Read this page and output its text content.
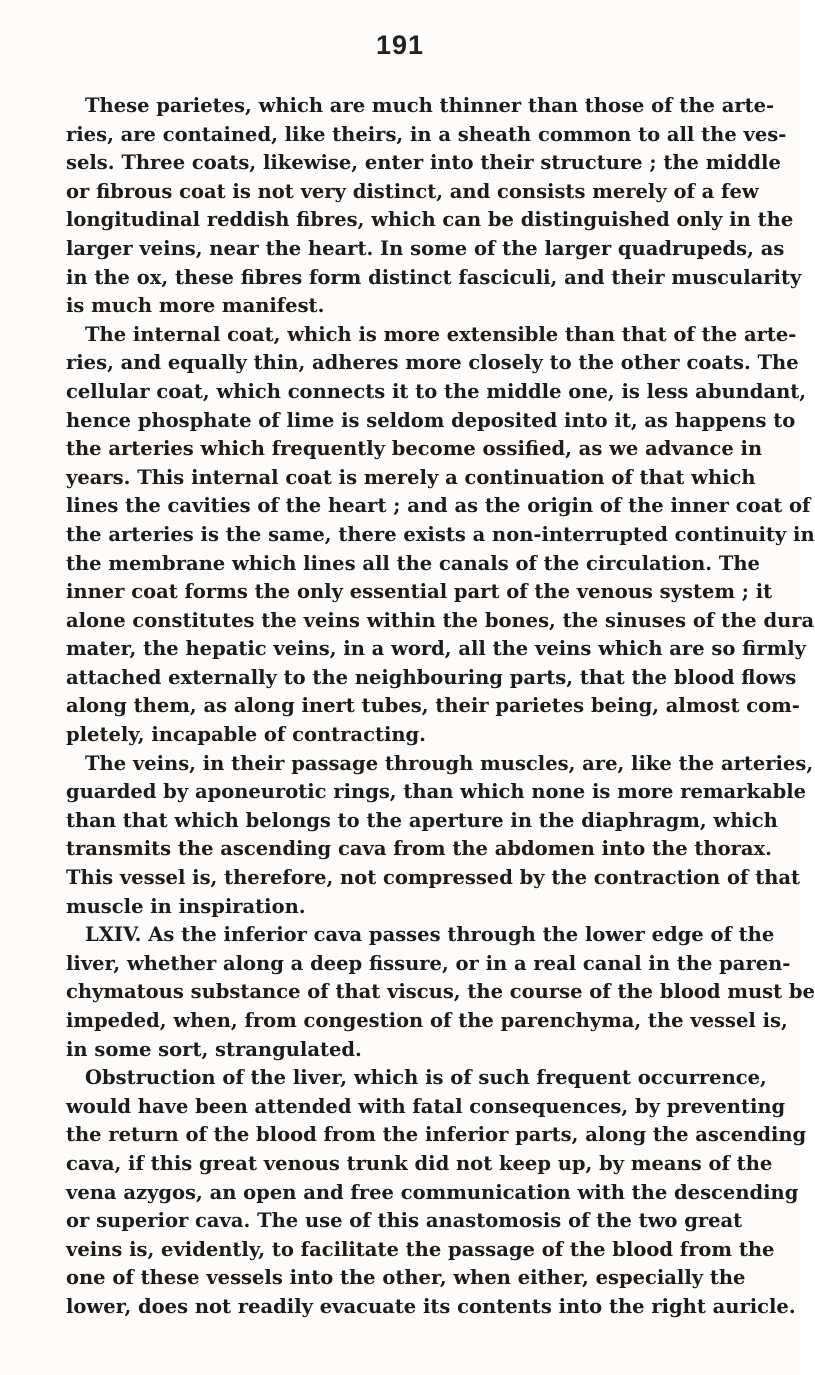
191
These parietes, which are much thinner than those of the arte-
ries, are contained, like theirs, in a sheath common to all the ves-
sels. Three coats, likewise, enter into their structure ; the middle
or fibrous coat is not very distinct, and consists merely of a few
longitudinal reddish fibres, which can be distinguished only in the
larger veins, near the heart. In some of the larger quadrupeds, as
in the ox, these fibres form distinct fasciculi, and their muscularity
is much more manifest.
The internal coat, which is more extensible than that of the arte-
ries, and equally thin, adheres more closely to the other coats. The
cellular coat, which connects it to the middle one, is less abundant,
hence phosphate of lime is seldom deposited into it, as happens to
the arteries which frequently become ossified, as we advance in
years. This internal coat is merely a continuation of that which
lines the cavities of the heart ; and as the origin of the inner coat of
the arteries is the same, there exists a non-interrupted continuity in
the membrane which lines all the canals of the circulation. The
inner coat forms the only essential part of the venous system ; it
alone constitutes the veins within the bones, the sinuses of the dura
mater, the hepatic veins, in a word, all the veins which are so firmly
attached externally to the neighbouring parts, that the blood flows
along them, as along inert tubes, their parietes being, almost com-
pletely, incapable of contracting.
The veins, in their passage through muscles, are, like the arteries,
guarded by aponeurotic rings, than which none is more remarkable
than that which belongs to the aperture in the diaphragm, which
transmits the ascending cava from the abdomen into the thorax.
This vessel is, therefore, not compressed by the contraction of that
muscle in inspiration.
LXIV. As the inferior cava passes through the lower edge of the
liver, whether along a deep fissure, or in a real canal in the paren-
chymatous substance of that viscus, the course of the blood must be
impeded, when, from congestion of the parenchyma, the vessel is,
in some sort, strangulated.
Obstruction of the liver, which is of such frequent occurrence,
would have been attended with fatal consequences, by preventing
the return of the blood from the inferior parts, along the ascending
cava, if this great venous trunk did not keep up, by means of the
vena azygos, an open and free communication with the descending
or superior cava. The use of this anastomosis of the two great
veins is, evidently, to facilitate the passage of the blood from the
one of these vessels into the other, when either, especially the
lower, does not readily evacuate its contents into the right auricle.
